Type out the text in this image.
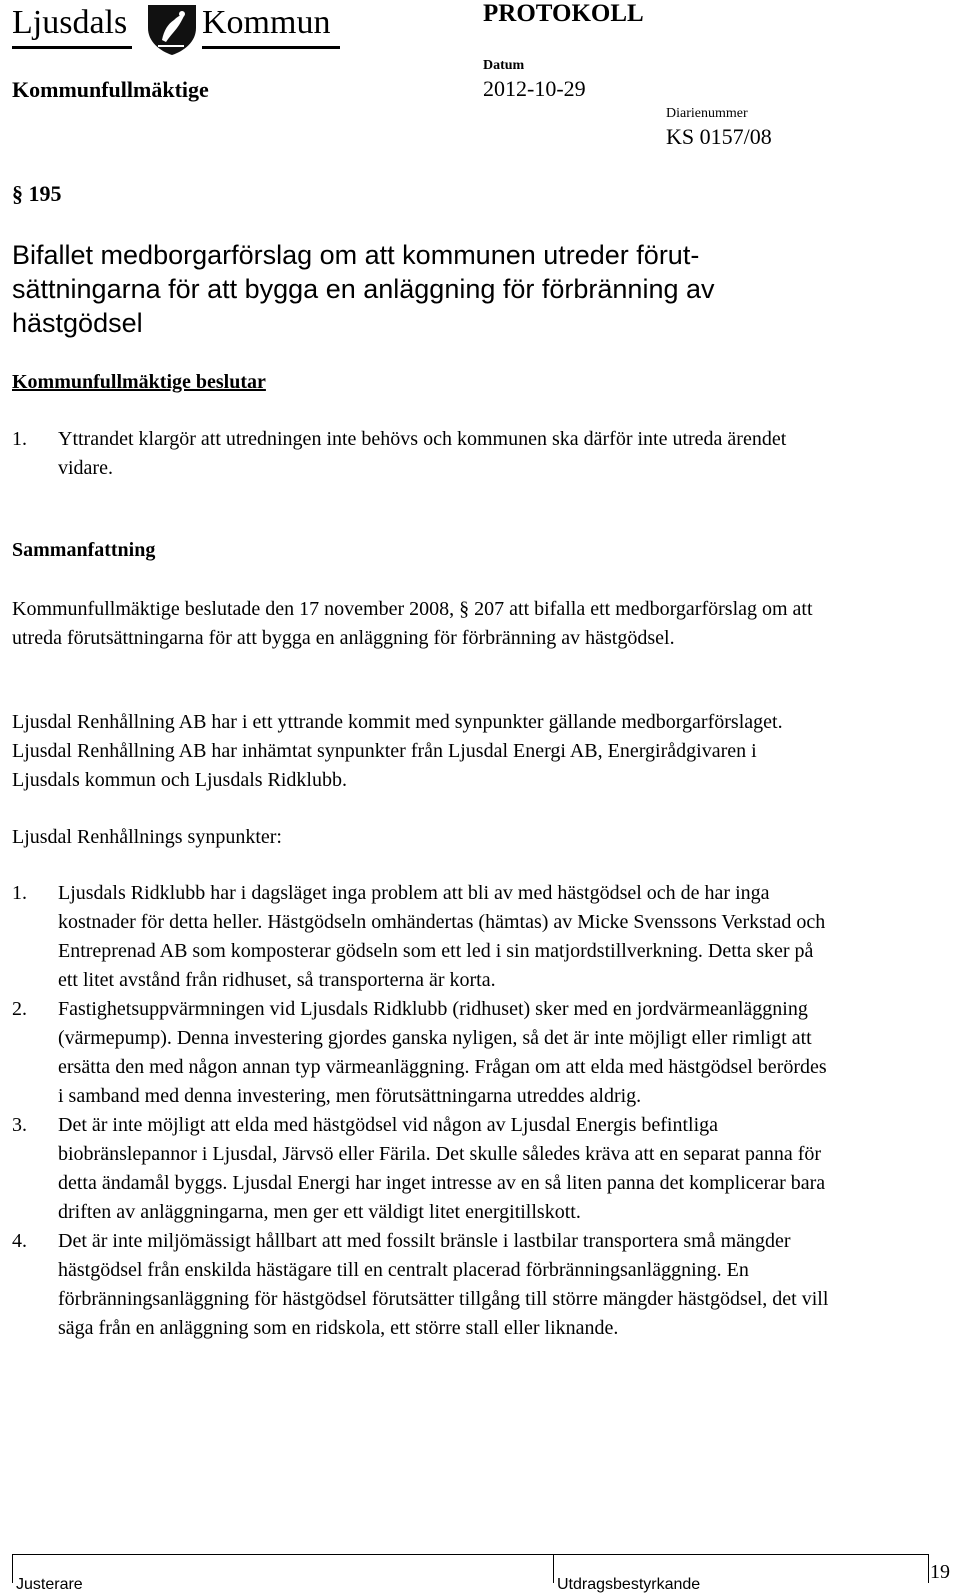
Ljusdals Kommun	PROTOKOLL
Kommunfullmäktige
Datum
2012-10-29
Diarienummer
KS 0157/08
§ 195
Bifallet medborgarförslag om att kommunen utreder förut-sättningarna för att bygga en anläggning för förbränning av hästgödsel
Kommunfullmäktige beslutar
1. Yttrandet klargör att utredningen inte behövs och kommunen ska därför inte utreda ärendet vidare.
Sammanfattning
Kommunfullmäktige beslutade den 17 november 2008, § 207 att bifalla ett medborgarförslag om att utreda förutsättningarna för att bygga en anläggning för förbränning av hästgödsel.
Ljusdal Renhållning AB har i ett yttrande kommit med synpunkter gällande medborgarförslaget. Ljusdal Renhållning AB har inhämtat synpunkter från Ljusdal Energi AB, Energirådgivaren i Ljusdals kommun och Ljusdals Ridklubb.
Ljusdal Renhållnings synpunkter:
1. Ljusdals Ridklubb har i dagsläget inga problem att bli av med hästgödsel och de har inga kostnader för detta heller. Hästgödseln omhändertas (hämtas) av Micke Svenssons Verkstad och Entreprenad AB som komposterar gödseln som ett led i sin matjordstillverkning. Detta sker på ett litet avstånd från ridhuset, så transporterna är korta.
2. Fastighetsuppvärmningen vid Ljusdals Ridklubb (ridhuset) sker med en jordvärmeanläggning (värmepump). Denna investering gjordes ganska nyligen, så det är inte möjligt eller rimligt att ersätta den med någon annan typ värmeanläggning. Frågan om att elda med hästgödsel berördes i samband med denna investering, men förutsättningarna utreddes aldrig.
3. Det är inte möjligt att elda med hästgödsel vid någon av Ljusdal Energis befintliga biobränslepannor i Ljusdal, Järvsö eller Färila. Det skulle således kräva att en separat panna för detta ändamål byggs. Ljusdal Energi har inget intresse av en så liten panna det komplicerar bara driften av anläggningarna, men ger ett väldigt litet energitillskott.
4. Det är inte miljömässigt hållbart att med fossilt bränsle i lastbilar transportera små mängder hästgödsel från enskilda hästägare till en centralt placerad förbränningsanläggning. En förbränningsanläggning för hästgödsel förutsätter tillgång till större mängder hästgödsel, det vill säga från en anläggning som en ridskola, ett större stall eller liknande.
Justerare	Utdragsbestyrkande
19
